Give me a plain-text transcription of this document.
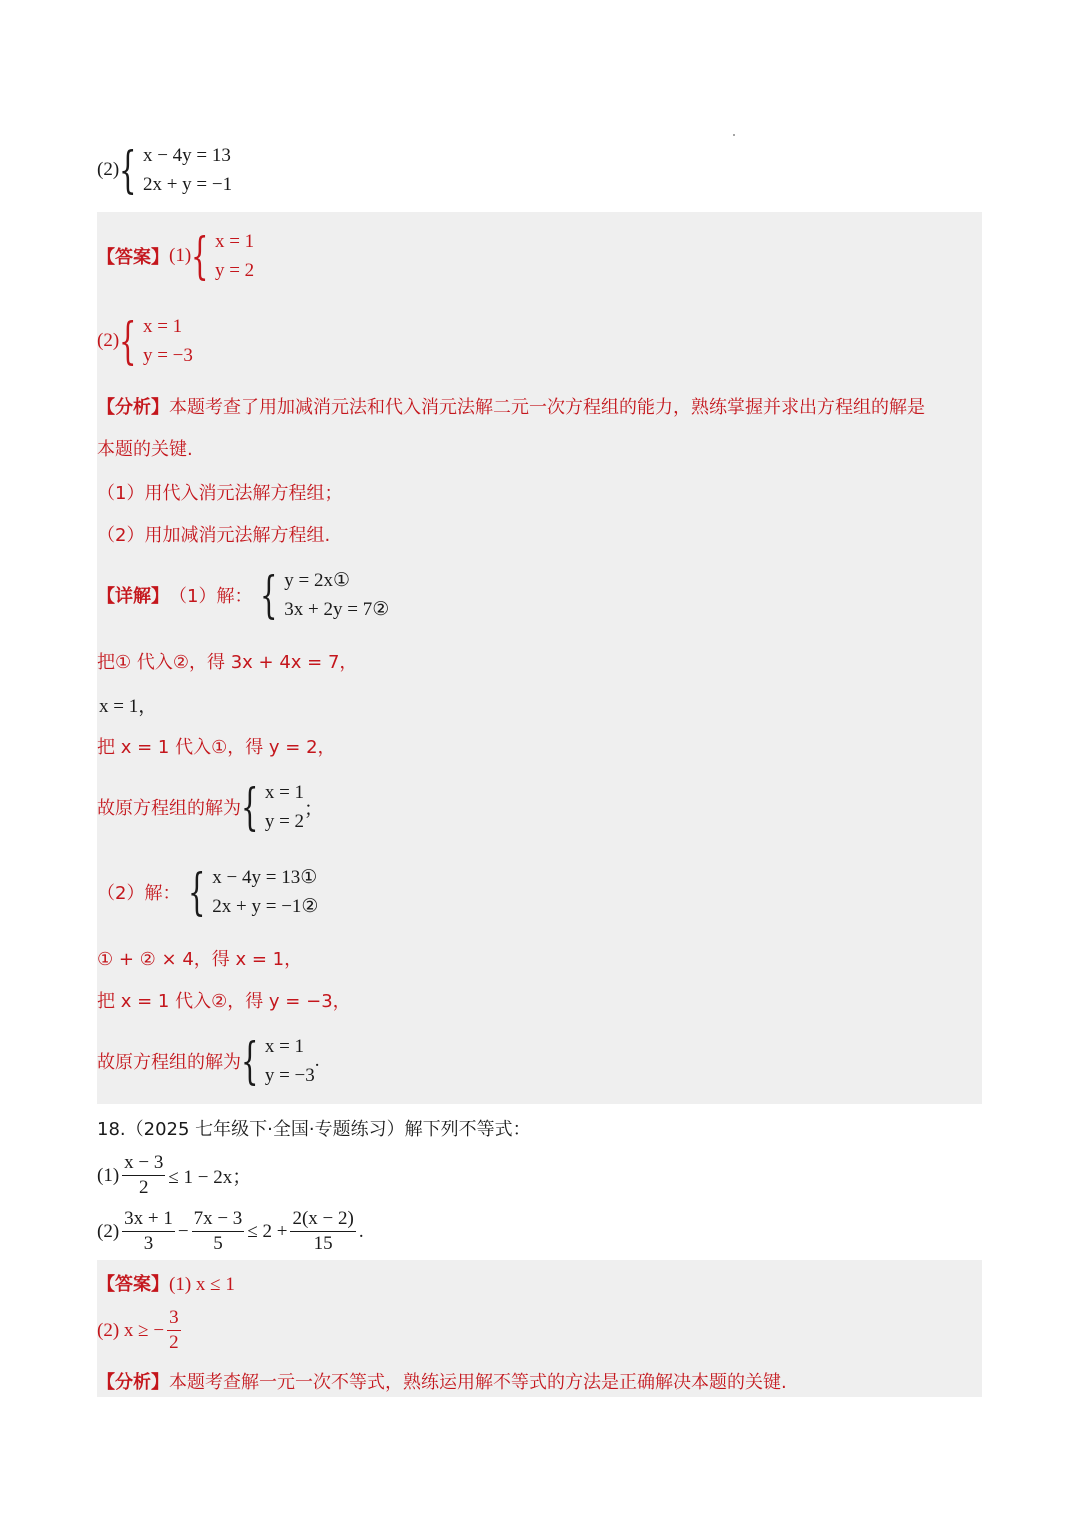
(2) { x − 4y = 13
2x + y = −1
【答案】 (1) { x = 1
y = 2
(2) { x = 1
y = −3
【分析】本题考查了用加减消元法和代入消元法解二元一次方程组的能力，熟练掌握并求出方程组的解是
本题的关键.
（1）用代入消元法解方程组；
（2）用加减消元法解方程组.
【详解】 （1）解： { y = 2x①
3x + 2y = 7②
把① 代入②，得 3x + 4x = 7，
x = 1，
把 x = 1 代入①，得 y = 2，
故原方程组的解为 { x = 1
y = 2
；
（2）解： { x − 4y = 13①
2x + y = −1②
① + ② × 4，得 x = 1，
把 x = 1 代入②，得 y = −3，
故原方程组的解为 { x = 1
y = −3
.
18.（2025 七年级下·全国·专题练习）解下列不等式：
$(1) \frac{x - 3}{2} \le 1 - 2x$；
$(2) \frac{3x + 1}{3} - \frac{7x - 3}{5} \le 2 + \frac{2(x - 2)}{15}$ .
【答案】(1) x ≤ 1
(2) x ≥ − $\frac{3}{2}$
【分析】本题考查解一元一次不等式，熟练运用解不等式的方法是正确解决本题的关键.
